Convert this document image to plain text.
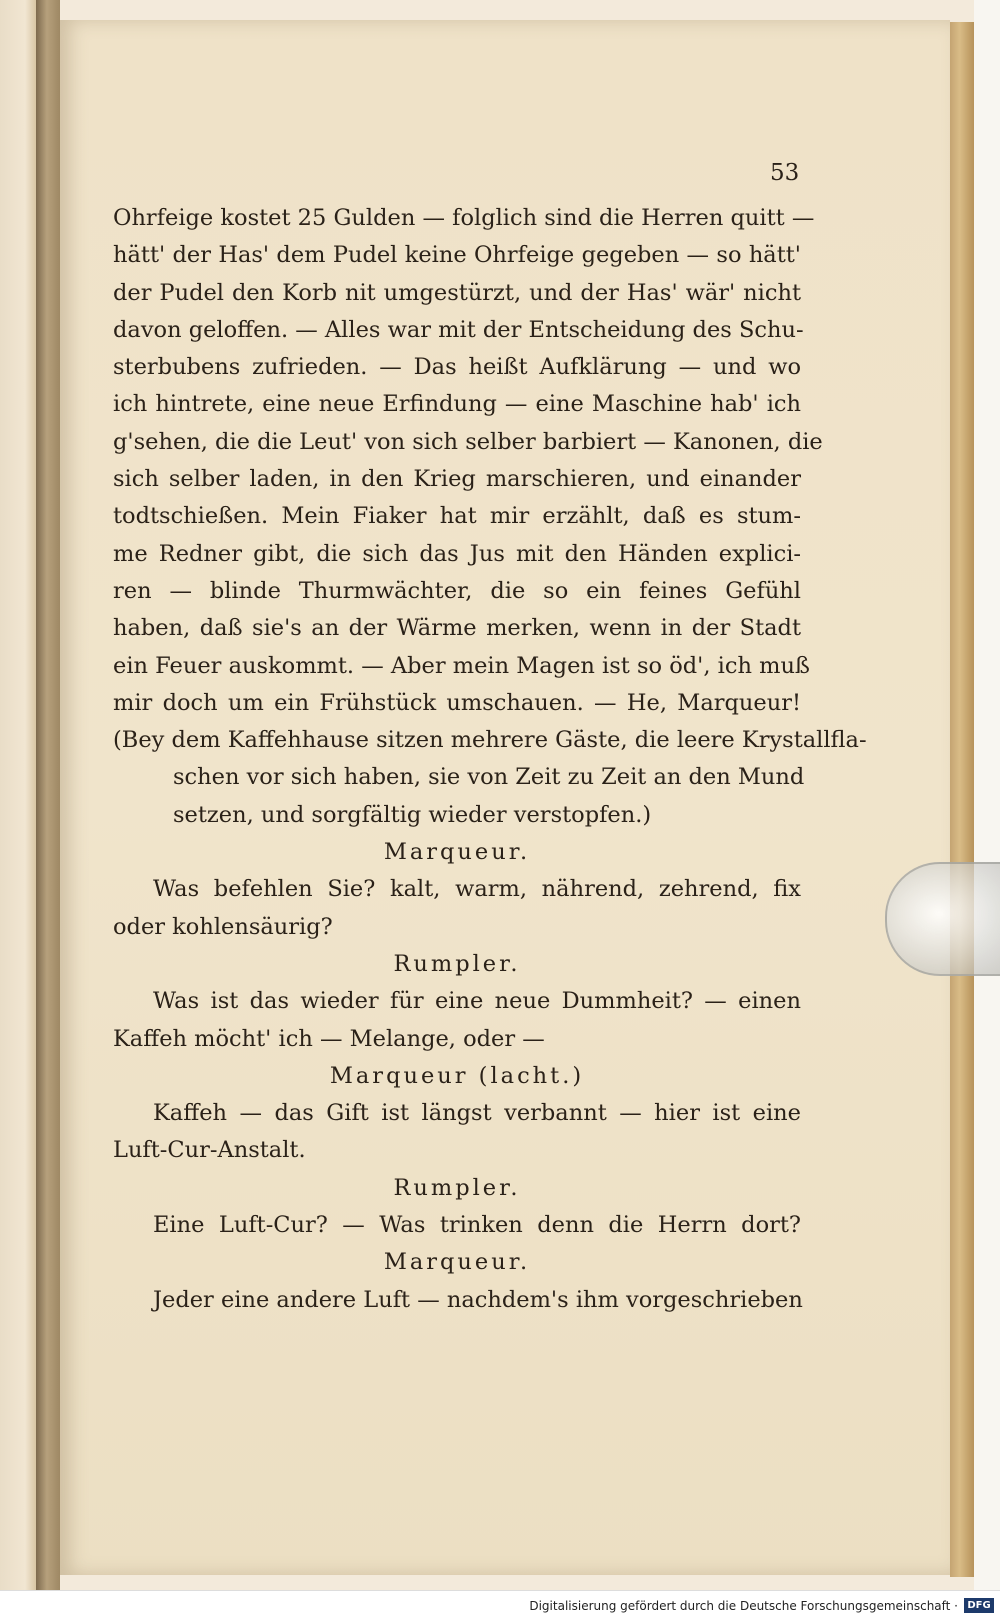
53
Ohrfeige kostet 25 Gulden — folglich sind die Herren quitt —
hätt' der Has' dem Pudel keine Ohrfeige gegeben — so hätt'
der Pudel den Korb nit umgestürzt, und der Has' wär' nicht
davon geloffen. — Alles war mit der Entscheidung des Schu-
sterbubens zufrieden. — Das heißt Aufklärung — und wo
ich hintrete, eine neue Erfindung — eine Maschine hab' ich
g'sehen, die die Leut' von sich selber barbiert — Kanonen, die
sich selber laden, in den Krieg marschieren, und einander
todtschießen. Mein Fiaker hat mir erzählt, daß es stum-
me Redner gibt, die sich das Jus mit den Händen explici-
ren — blinde Thurmwächter, die so ein feines Gefühl
haben, daß sie's an der Wärme merken, wenn in der Stadt
ein Feuer auskommt. — Aber mein Magen ist so öd', ich muß
mir doch um ein Frühstück umschauen. — He, Marqueur!
(Bey dem Kaffehhause sitzen mehrere Gäste, die leere Krystallfla-
schen vor sich haben, sie von Zeit zu Zeit an den Mund
setzen, und sorgfältig wieder verstopfen.)
Marqueur.
Was befehlen Sie? kalt, warm, nährend, zehrend, fix
oder kohlensäurig?
Rumpler.
Was ist das wieder für eine neue Dummheit? — einen
Kaffeh möcht' ich — Melange, oder —
Marqueur (lacht.)
Kaffeh — das Gift ist längst verbannt — hier ist eine
Luft-Cur-Anstalt.
Rumpler.
Eine Luft-Cur? — Was trinken denn die Herrn dort?
Marqueur.
Jeder eine andere Luft — nachdem's ihm vorgeschrieben
Digitalisierung gefördert durch die Deutsche Forschungsgemeinschaft · DFG
